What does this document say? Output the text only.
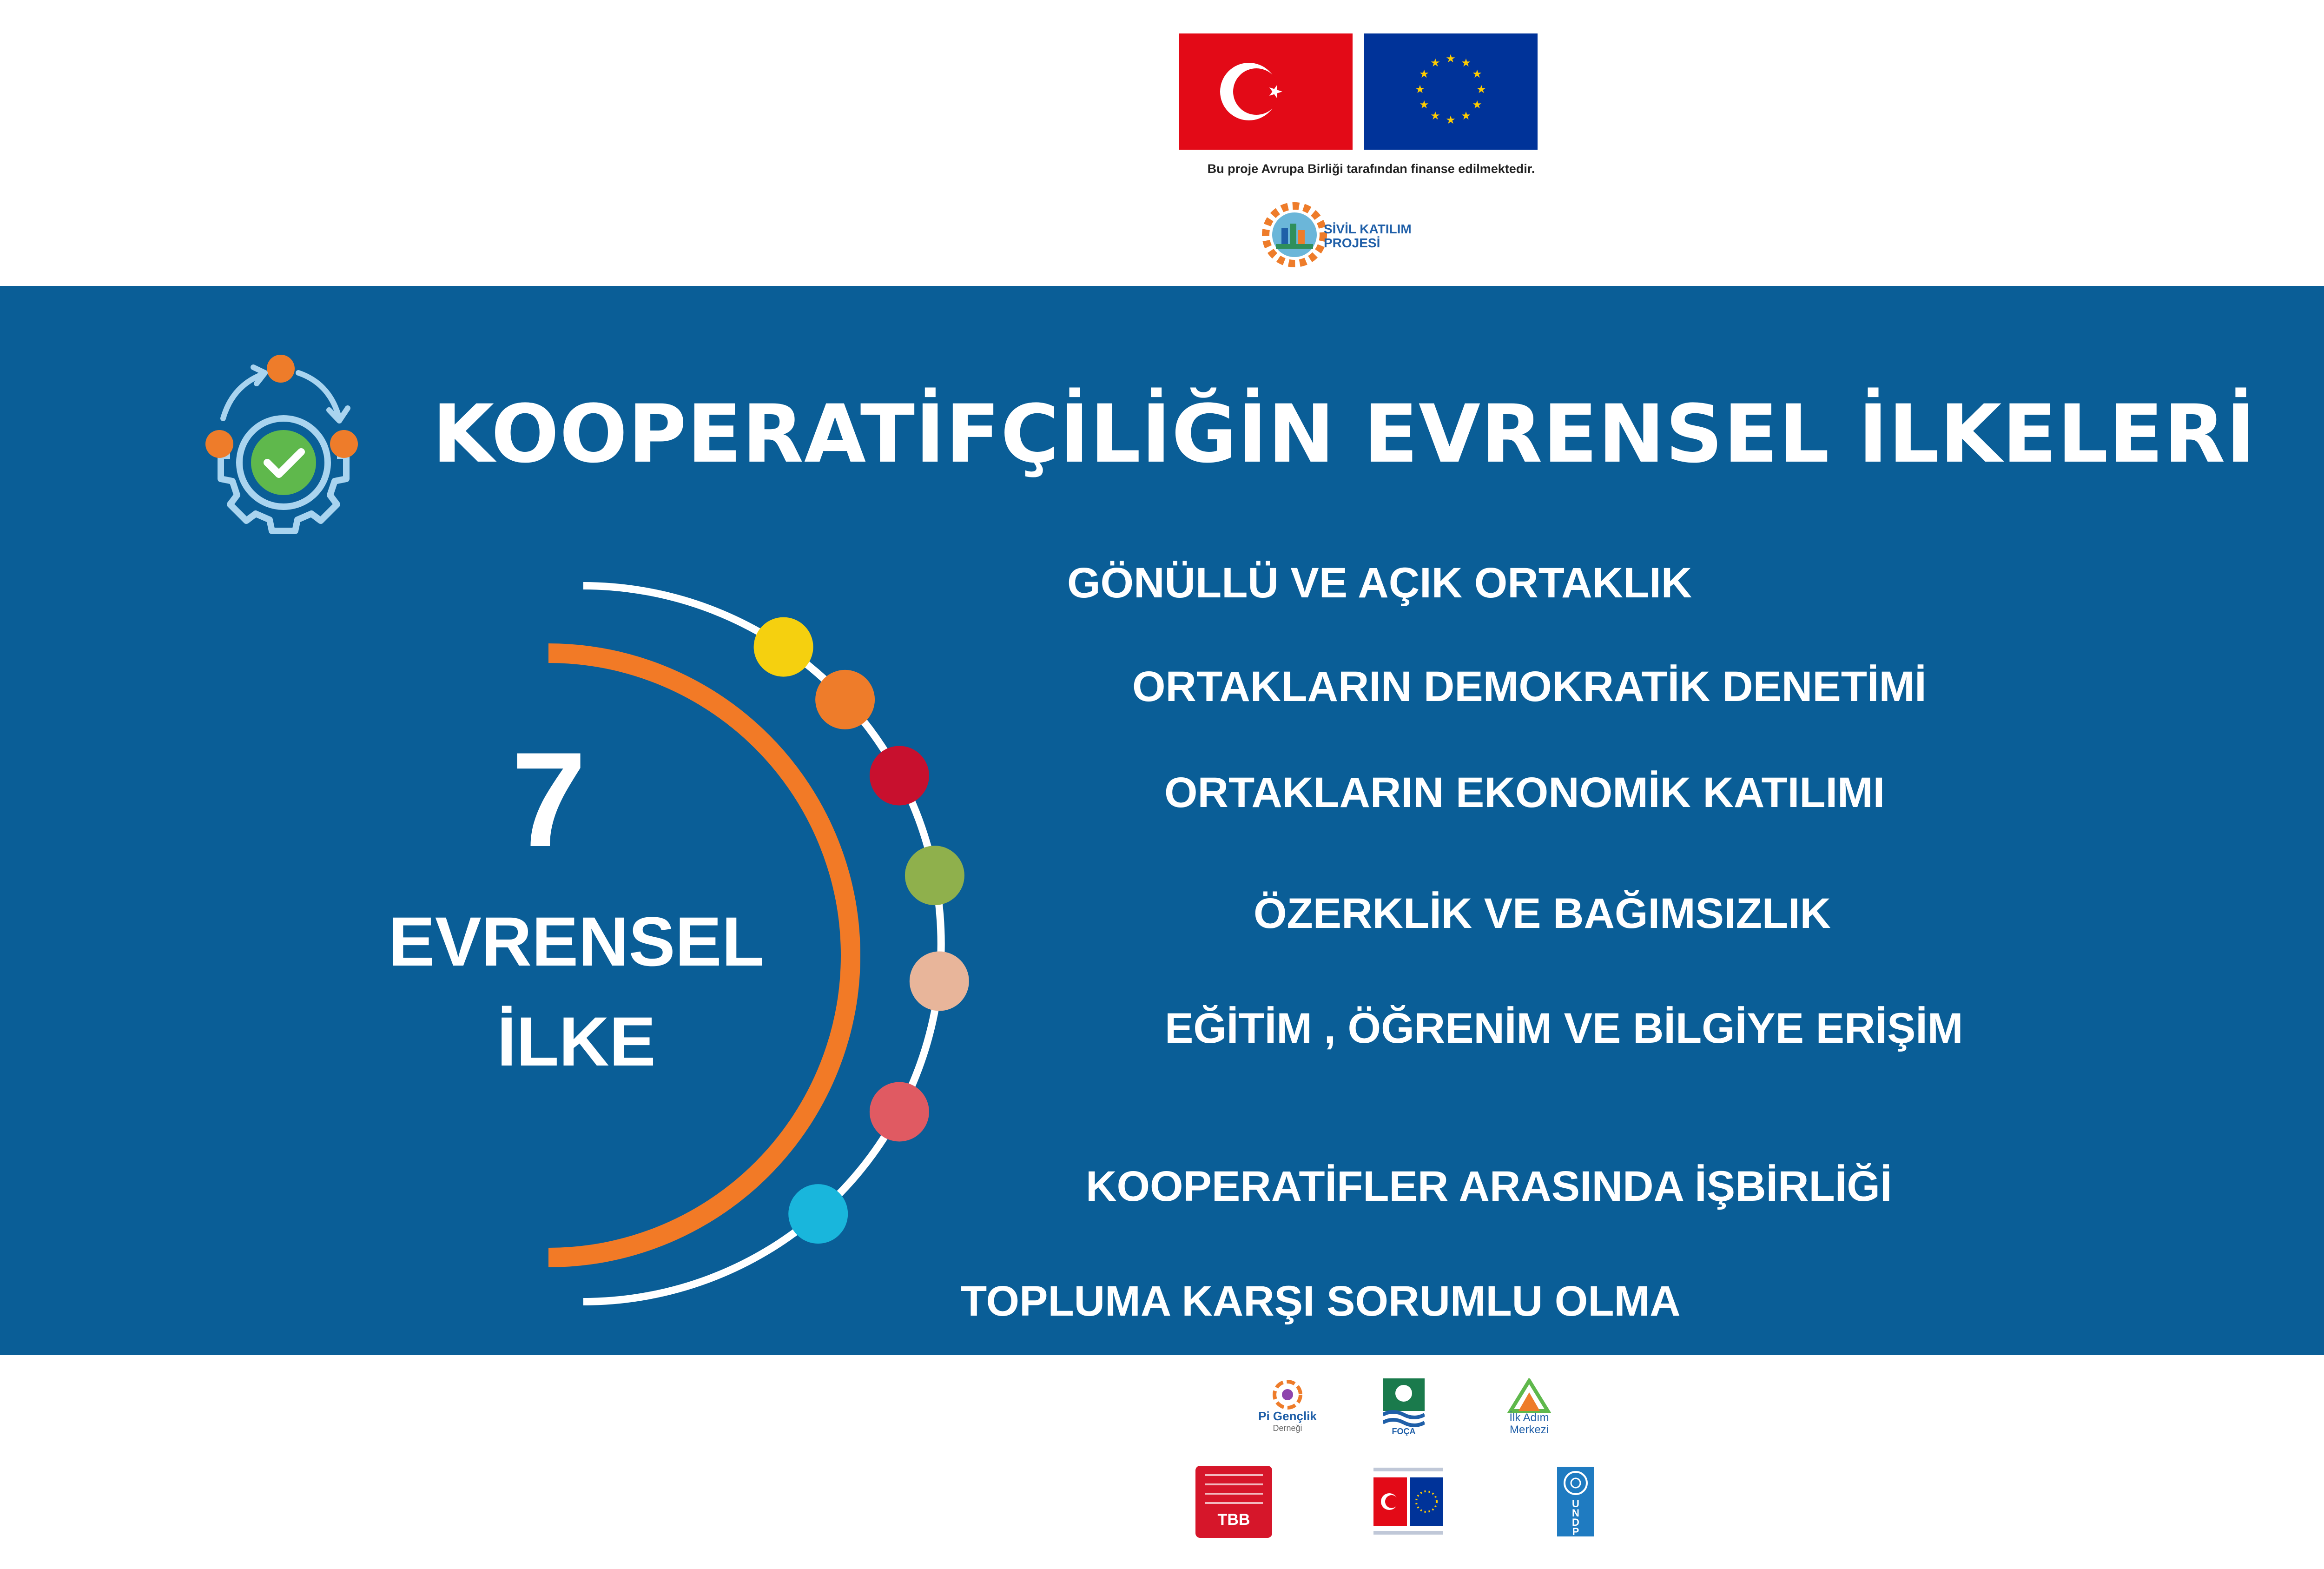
★ ★
★
★
★
★
★
★
★
★
★
★
Bu proje Avrupa Birliği tarafından finanse edilmektedir.
SİVİL KATILIM
PROJESİ
KOOPERATİFÇİLİĞİN EVRENSEL İLKELERİ
7
EVRENSEL
İLKE
GÖNÜLLÜ VE AÇIK ORTAKLIK
ORTAKLARIN DEMOKRATİK DENETİMİ
ORTAKLARIN EKONOMİK KATILIMI
ÖZERKLİK VE BAĞIMSIZLIK
EĞİTİM , ÖĞRENİM VE BİLGİYE ERİŞİM
KOOPERATİFLER ARASINDA İŞBİRLİĞİ
TOPLUMA KARŞI SORUMLU OLMA
Pi Gençlik
Derneği	FOÇA
İlk Adım
Merkezi
TBB
U
N
D
P
